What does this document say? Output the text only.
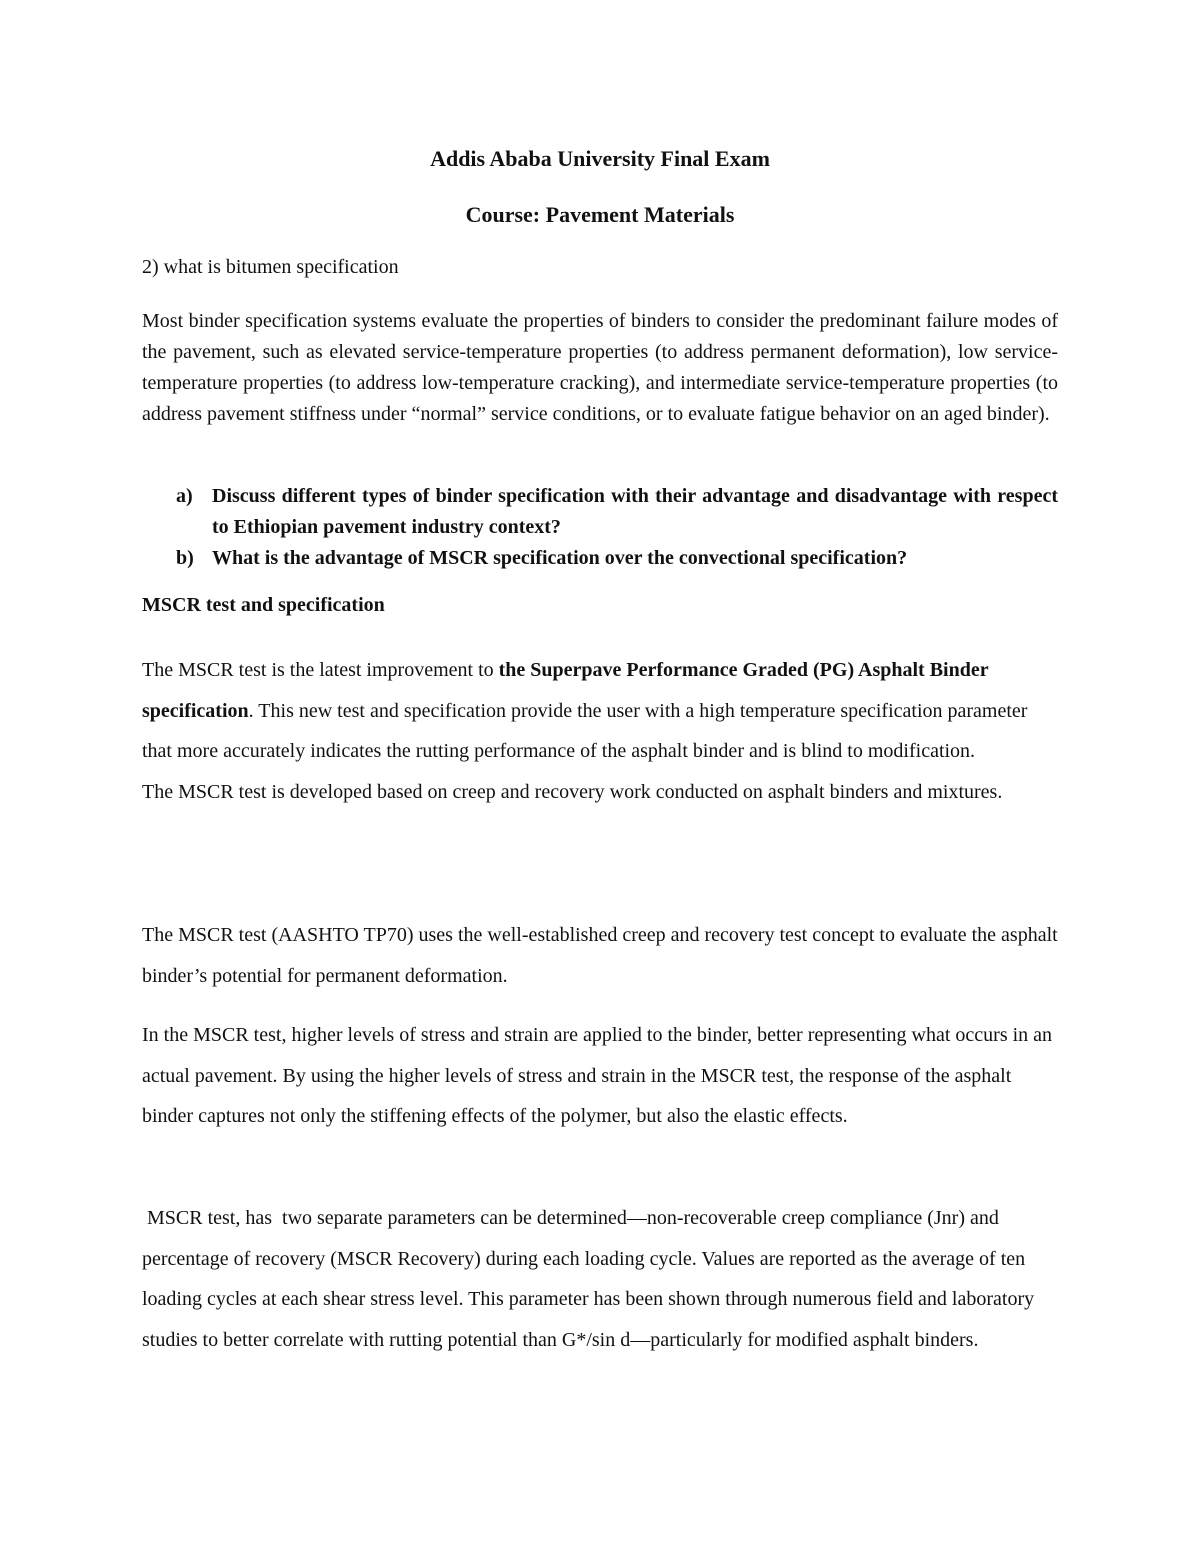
Addis Ababa University Final Exam
Course: Pavement Materials
2) what is bitumen specification
Most binder specification systems evaluate the properties of binders to consider the predominant failure modes of the pavement, such as elevated service-temperature properties (to address permanent deformation), low service-temperature properties (to address low-temperature cracking), and intermediate service-temperature properties (to address pavement stiffness under “normal” service conditions, or to evaluate fatigue behavior on an aged binder).
a) Discuss different types of binder specification with their advantage and disadvantage with respect to Ethiopian pavement industry context?
b) What is the advantage of MSCR specification over the convectional specification?
MSCR test and specification
The MSCR test is the latest improvement to the Superpave Performance Graded (PG) Asphalt Binder specification. This new test and specification provide the user with a high temperature specification parameter that more accurately indicates the rutting performance of the asphalt binder and is blind to modification.
The MSCR test is developed based on creep and recovery work conducted on asphalt binders and mixtures.
The MSCR test (AASHTO TP70) uses the well-established creep and recovery test concept to evaluate the asphalt binder’s potential for permanent deformation.
In the MSCR test, higher levels of stress and strain are applied to the binder, better representing what occurs in an actual pavement. By using the higher levels of stress and strain in the MSCR test, the response of the asphalt binder captures not only the stiffening effects of the polymer, but also the elastic effects.
MSCR test, has  two separate parameters can be determined—non-recoverable creep compliance (Jnr) and percentage of recovery (MSCR Recovery) during each loading cycle. Values are reported as the average of ten loading cycles at each shear stress level. This parameter has been shown through numerous field and laboratory studies to better correlate with rutting potential than G*/sin d—particularly for modified asphalt binders.
